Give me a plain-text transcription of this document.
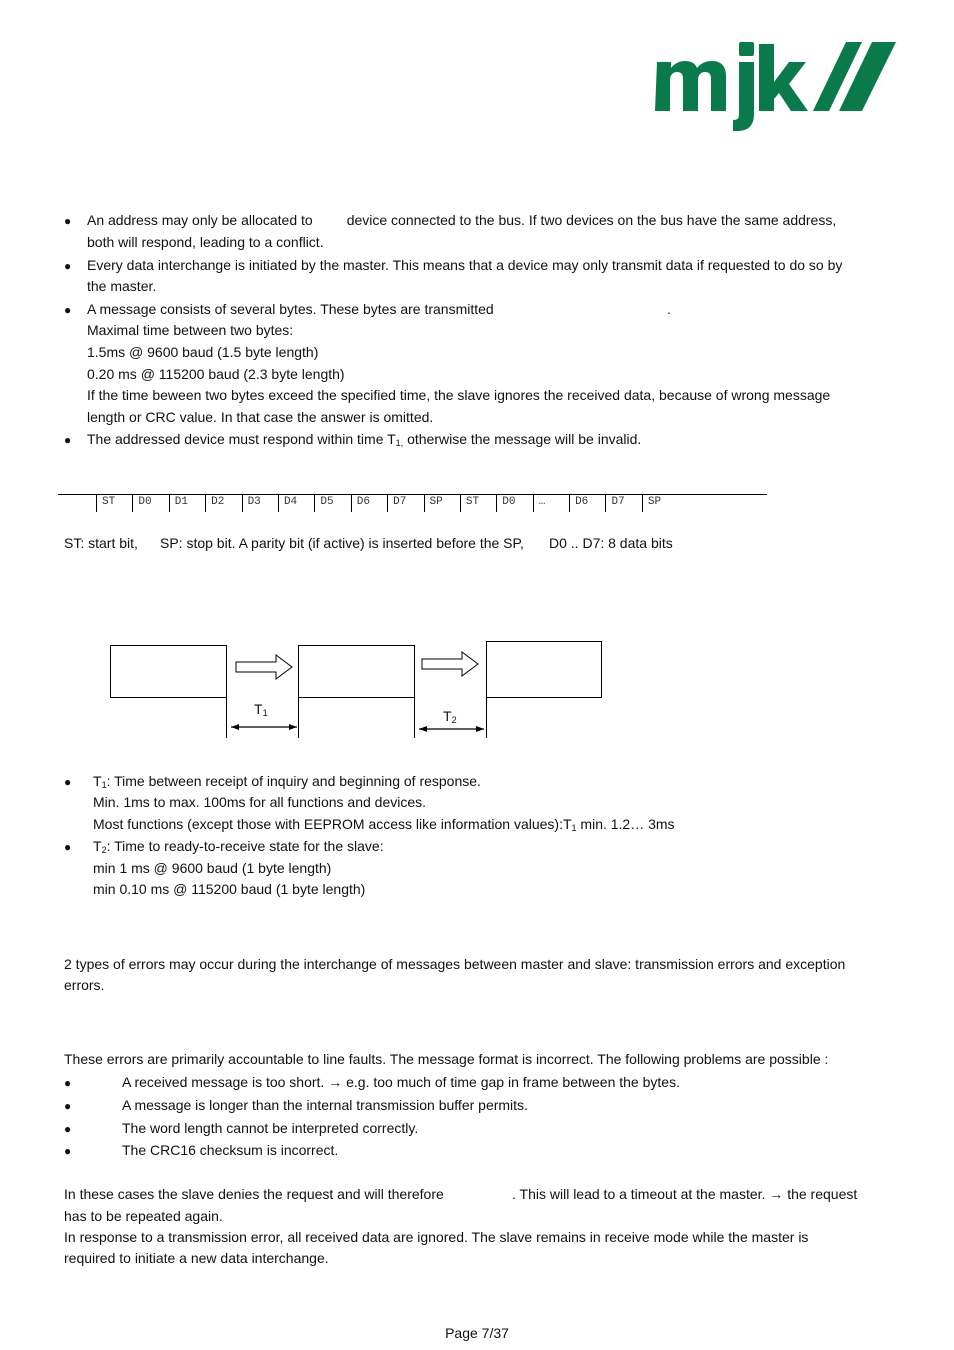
● An address may only be allocated to device connected to the bus. If two devices on the bus have the same address,
both will respond, leading to a conflict.
● Every data interchange is initiated by the master. This means that a device may only transmit data if requested to do so by
the master.
● A message consists of several bytes. These bytes are transmitted	.
Maximal time between two bytes:
1.5ms @ 9600 baud (1.5 byte length)
0.20 ms @ 115200 baud (2.3 byte length)
If the time beween two bytes exceed the specified time, the slave ignores the received data, because of wrong message
length or CRC value. In that case the answer is omitted.
● The addressed device must respond within time $T_{1,}$ otherwise the message will be invalid.
ST	D0	D1	D2	D3	D4	D5	D6	D7	SP	ST	D0	…	D6	D7	SP
ST: start bit, SP: stop bit. A parity bit (if active) is inserted before the SP, D0 .. D7: 8 data bits
$T_1$	$T_2$
● $T_1$: Time between receipt of inquiry and beginning of response.
Min. 1ms to max. 100ms for all functions and devices.
Most functions (except those with EEPROM access like information $values):T_1$ min. 1.2… 3ms
● $T_2$: Time to ready-to-receive state for the slave:
min 1 ms @ 9600 baud (1 byte length)
min 0.10 ms @ 115200 baud (1 byte length)
2 types of errors may occur during the interchange of messages between master and slave: transmission errors and exception
errors.
These errors are primarily accountable to line faults. The message format is incorrect. The following problems are possible :
●	A received message is too short. → e.g. too much of time gap in frame between the bytes.
●	A message is longer than the internal transmission buffer permits.
●	The word length cannot be interpreted correctly.
●	The CRC16 checksum is incorrect.
In these cases the slave denies the request and will therefore	. This will lead to a timeout at the master. → the request
has to be repeated again.
In response to a transmission error, all received data are ignored. The slave remains in receive mode while the master is
required to initiate a new data interchange.
Page 7/37
